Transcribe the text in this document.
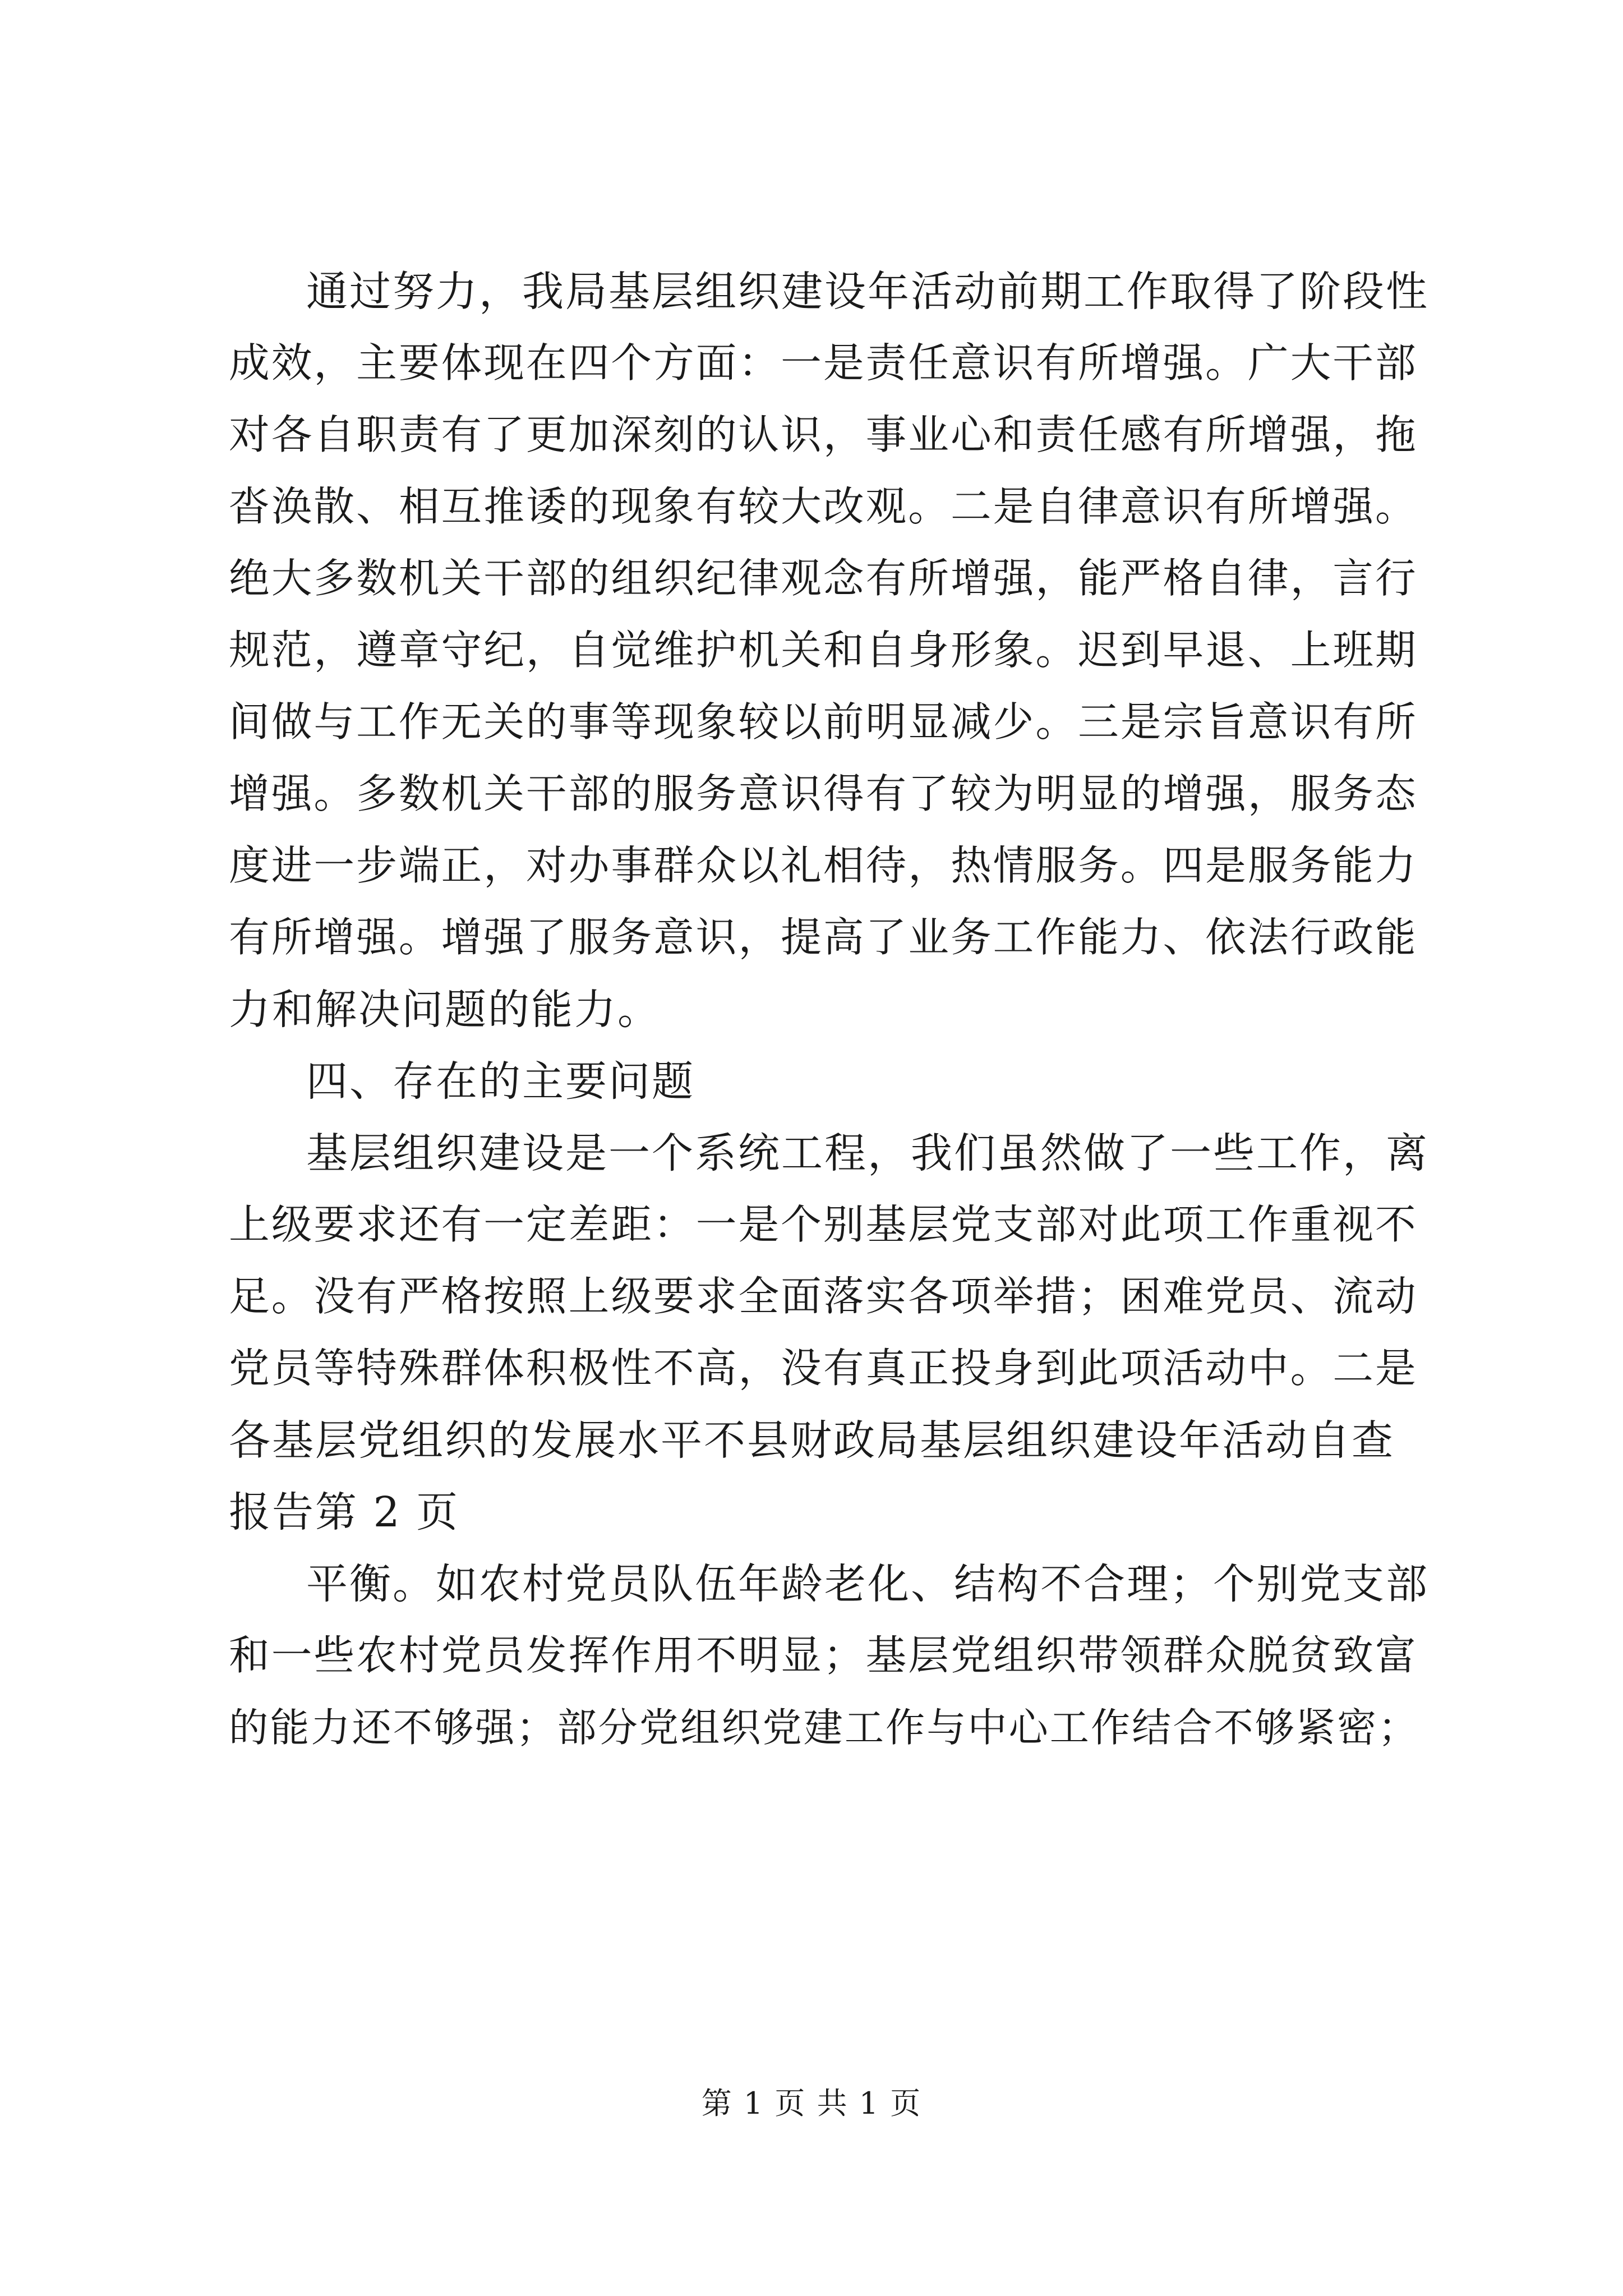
通过努力，我局基层组织建设年活动前期工作取得了阶段性
成效，主要体现在四个方面：一是责任意识有所增强。广大干部
对各自职责有了更加深刻的认识，事业心和责任感有所增强，拖
沓涣散、相互推诿的现象有较大改观。二是自律意识有所增强。
绝大多数机关干部的组织纪律观念有所增强，能严格自律，言行
规范，遵章守纪，自觉维护机关和自身形象。迟到早退、上班期
间做与工作无关的事等现象较以前明显减少。三是宗旨意识有所
增强。多数机关干部的服务意识得有了较为明显的增强，服务态
度进一步端正，对办事群众以礼相待，热情服务。四是服务能力
有所增强。增强了服务意识，提高了业务工作能力、依法行政能
力和解决问题的能力。
四、存在的主要问题
基层组织建设是一个系统工程，我们虽然做了一些工作，离
上级要求还有一定差距：一是个别基层党支部对此项工作重视不
足。没有严格按照上级要求全面落实各项举措；困难党员、流动
党员等特殊群体积极性不高，没有真正投身到此项活动中。二是
各基层党组织的发展水平不县财政局基层组织建设年活动自查
报告第 2 页
平衡。如农村党员队伍年龄老化、结构不合理；个别党支部
和一些农村党员发挥作用不明显；基层党组织带领群众脱贫致富
的能力还不够强；部分党组织党建工作与中心工作结合不够紧密；
第 1 页 共 1 页
